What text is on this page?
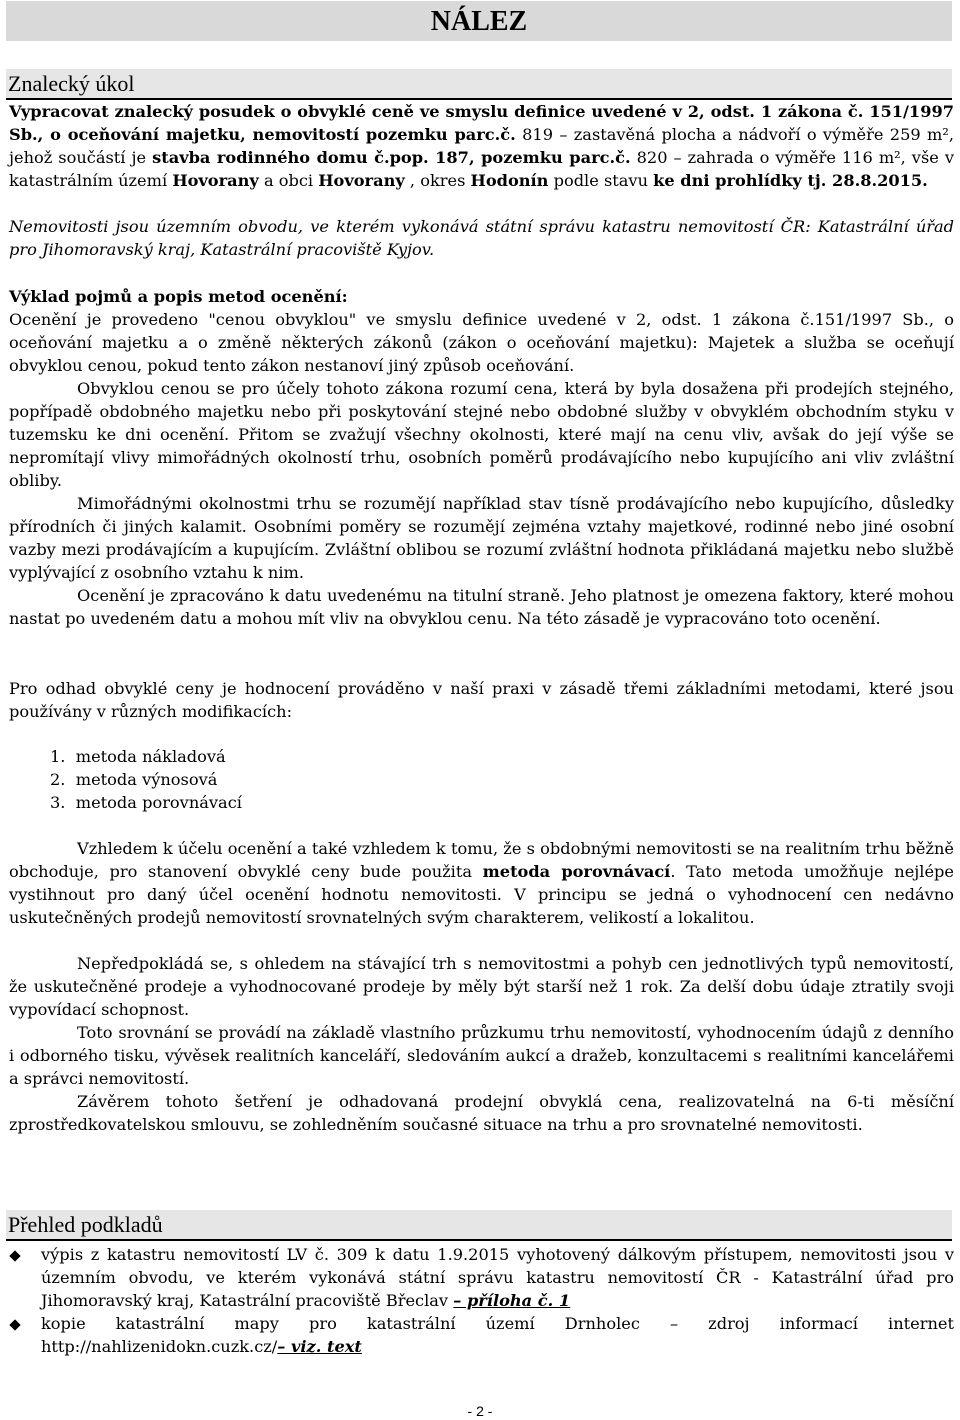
NÁLEZ
Znalecký úkol
Vypracovat znalecký posudek o obvyklé ceně ve smyslu definice uvedené v 2, odst. 1 zákona č. 151/1997 Sb., o oceňování majetku, nemovitostí pozemku parc.č. 819 – zastavěná plocha a nádvoří o výměře 259 m², jehož součástí je stavba rodinného domu č.pop. 187, pozemku parc.č. 820 – zahrada o výměře 116 m², vše v katastrálním území Hovorany a obci Hovorany , okres Hodonín podle stavu ke dni prohlídky tj. 28.8.2015.
Nemovitosti jsou územním obvodu, ve kterém vykonává státní správu katastru nemovitostí ČR: Katastrální úřad pro Jihomoravský kraj, Katastrální pracoviště Kyjov.
Výklad pojmů a popis metod ocenění:
Ocenění je provedeno "cenou obvyklou" ve smyslu definice uvedené v 2, odst. 1 zákona č.151/1997 Sb., o oceňování majetku a o změně některých zákonů (zákon o oceňování majetku): Majetek a služba se oceňují obvyklou cenou, pokud tento zákon nestanoví jiný způsob oceňování.
Obvyklou cenou se pro účely tohoto zákona rozumí cena, která by byla dosažena při prodejích stejného, popřípadě obdobného majetku nebo při poskytování stejné nebo obdobné služby v obvyklém obchodním styku v tuzemsku ke dni ocenění. Přitom se zvažují všechny okolnosti, které mají na cenu vliv, avšak do její výše se nepromítají vlivy mimořádných okolností trhu, osobních poměrů prodávajícího nebo kupujícího ani vliv zvláštní obliby.
Mimořádnými okolnostmi trhu se rozumějí například stav tísně prodávajícího nebo kupujícího, důsledky přírodních či jiných kalamit. Osobními poměry se rozumějí zejména vztahy majetkové, rodinné nebo jiné osobní vazby mezi prodávajícím a kupujícím. Zvláštní oblibou se rozumí zvláštní hodnota přikládaná majetku nebo službě vyplývající z osobního vztahu k nim.
Ocenění je zpracováno k datu uvedenému na titulní straně. Jeho platnost je omezena faktory, které mohou nastat po uvedeném datu a mohou mít vliv na obvyklou cenu. Na této zásadě je vypracováno toto ocenění.
Pro odhad obvyklé ceny je hodnocení prováděno v naší praxi v zásadě třemi základními metodami, které jsou používány v různých modifikacích:
1. metoda nákladová
2. metoda výnosová
3. metoda porovnávací
Vzhledem k účelu ocenění a také vzhledem k tomu, že s obdobnými nemovitosti se na realitním trhu běžně obchoduje, pro stanovení obvyklé ceny bude použita metoda porovnávací. Tato metoda umožňuje nejlépe vystihnout pro daný účel ocenění hodnotu nemovitosti. V principu se jedná o vyhodnocení cen nedávno uskutečněných prodejů nemovitostí srovnatelných svým charakterem, velikostí a lokalitou.
Nepředpokládá se, s ohledem na stávající trh s nemovitostmi a pohyb cen jednotlivých typů nemovitostí, že uskutečněné prodeje a vyhodnocované prodeje by měly být starší než 1 rok. Za delší dobu údaje ztratily svoji vypovídací schopnost.
Toto srovnání se provádí na základě vlastního průzkumu trhu nemovitostí, vyhodnocením údajů z denního i odborného tisku, vývěsek realitních kanceláří, sledováním aukcí a dražeb, konzultacemi s realitními kancelářemi a správci nemovitostí.
Závěrem tohoto šetření je odhadovaná prodejní obvyklá cena, realizovatelná na 6-ti měsíční zprostředkovatelskou smlouvu, se zohledněním současné situace na trhu a pro srovnatelné nemovitosti.
Přehled podkladů
výpis z katastru nemovitostí LV č. 309 k datu 1.9.2015 vyhotovený dálkovým přístupem, nemovitosti jsou v územním obvodu, ve kterém vykonává státní správu katastru nemovitostí ČR - Katastrální úřad pro Jihomoravský kraj, Katastrální pracoviště Břeclav – příloha č. 1
kopie katastrální mapy pro katastrální území Drnholec – zdroj informací internet http://nahlizenidokn.cuzk.cz/– viz. text
- 2 -
